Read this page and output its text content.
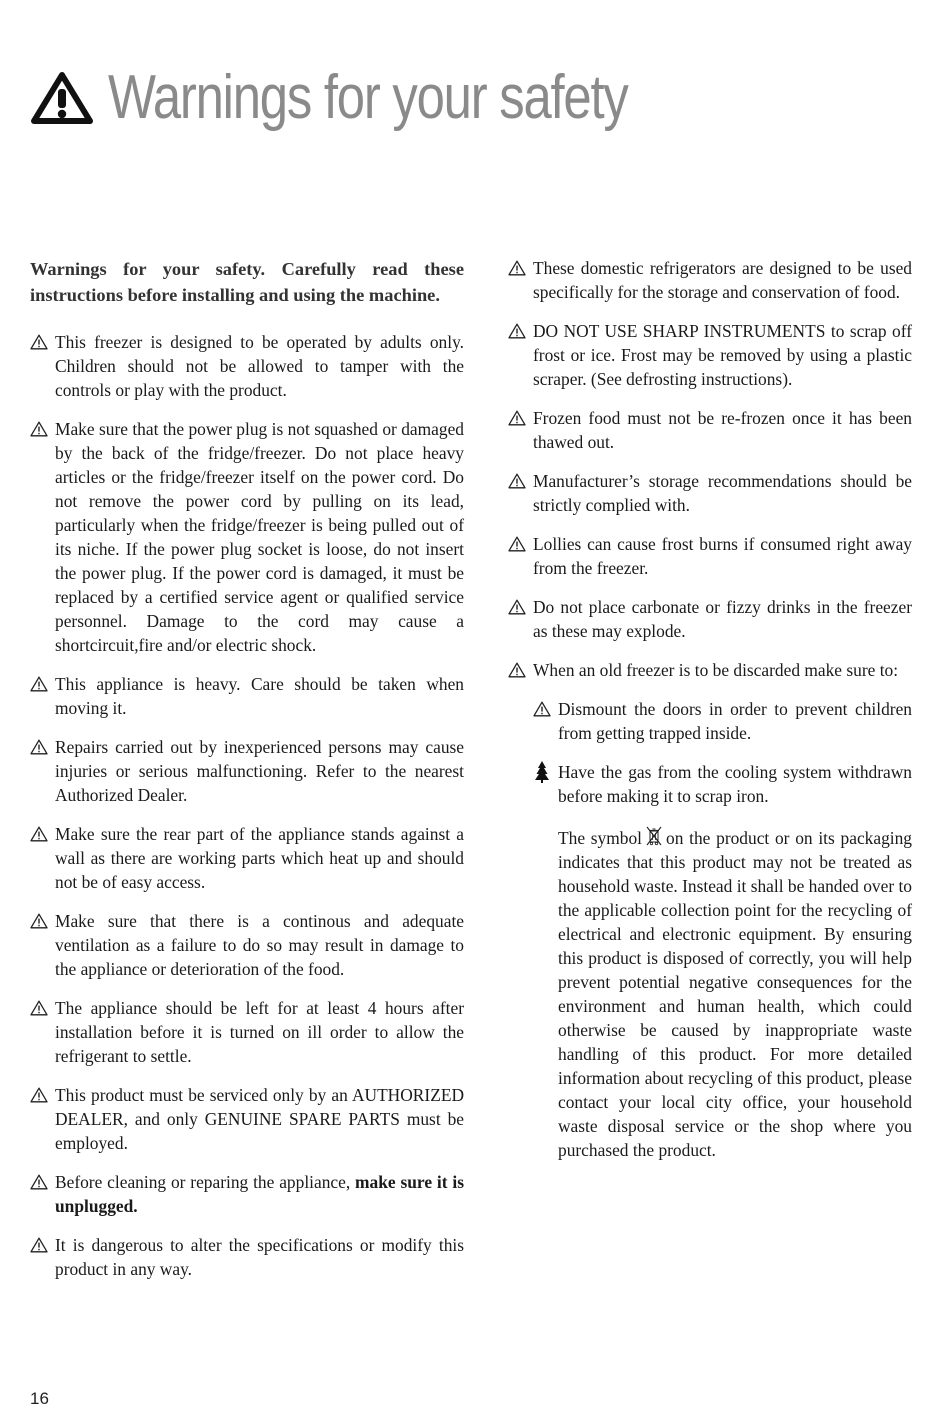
Warnings for your safety

Warnings for your safety. Carefully read these instructions before installing and using the machine.

This freezer is designed to be operated by adults only. Children should not be allowed to tamper with the controls or play with the product.
Make sure that the power plug is not squashed or damaged by the back of the fridge/freezer. Do not place heavy articles or the fridge/freezer itself on the power cord. Do not remove the power cord by pulling on its lead, particularly when the fridge/freezer is being pulled out of its niche. If the power plug socket is loose, do not insert the power plug. If the power cord is damaged, it must be replaced by a certified service agent or qualified service personnel. Damage to the cord may cause a shortcircuit,fire and/or electric shock.
This appliance is heavy. Care should be taken when moving it.
Repairs carried out by inexperienced persons may cause injuries or serious malfunctioning. Refer to the nearest Authorized Dealer.
Make sure the rear part of the appliance stands against a wall as there are working parts which heat up and should not be of easy access.
Make sure that there is a continous and adequate ventilation as a failure to do so may result in damage to the appliance or deterioration of the food.
The appliance should be left for at least 4 hours after installation before it is turned on ill order to allow the refrigerant to settle.
This product must be serviced only by an AUTHORIZED DEALER, and only GENUINE SPARE PARTS must be employed.
Before cleaning or reparing the appliance, make sure it is unplugged.
It is dangerous to alter the specifications or modify this product in any way.
These domestic refrigerators are designed to be used specifically for the storage and conservation of food.
DO NOT USE SHARP INSTRUMENTS to scrap off frost or ice. Frost may be removed by using a plastic scraper. (See defrosting instructions).
Frozen food must not be re-frozen once it has been thawed out.
Manufacturer’s storage recommendations should be strictly complied with.
Lollies can cause frost burns if consumed right away from the freezer.
Do not place carbonate or fizzy drinks in the freezer as these may explode.
When an old freezer is to be discarded make sure to:
Dismount the doors in order to prevent children from getting trapped inside.
Have the gas from the cooling system withdrawn before making it to scrap iron.

The symbol on the product or on its packaging indicates that this product may not be treated as household waste. Instead it shall be handed over to the applicable collection point for the recycling of electrical and electronic equipment. By ensuring this product is disposed of correctly, you will help prevent potential negative consequences for the environment and human health, which could otherwise be caused by inappropriate waste handling of this product. For more detailed information about recycling of this product, please contact your local city office, your household waste disposal service or the shop where you purchased the product.

16
